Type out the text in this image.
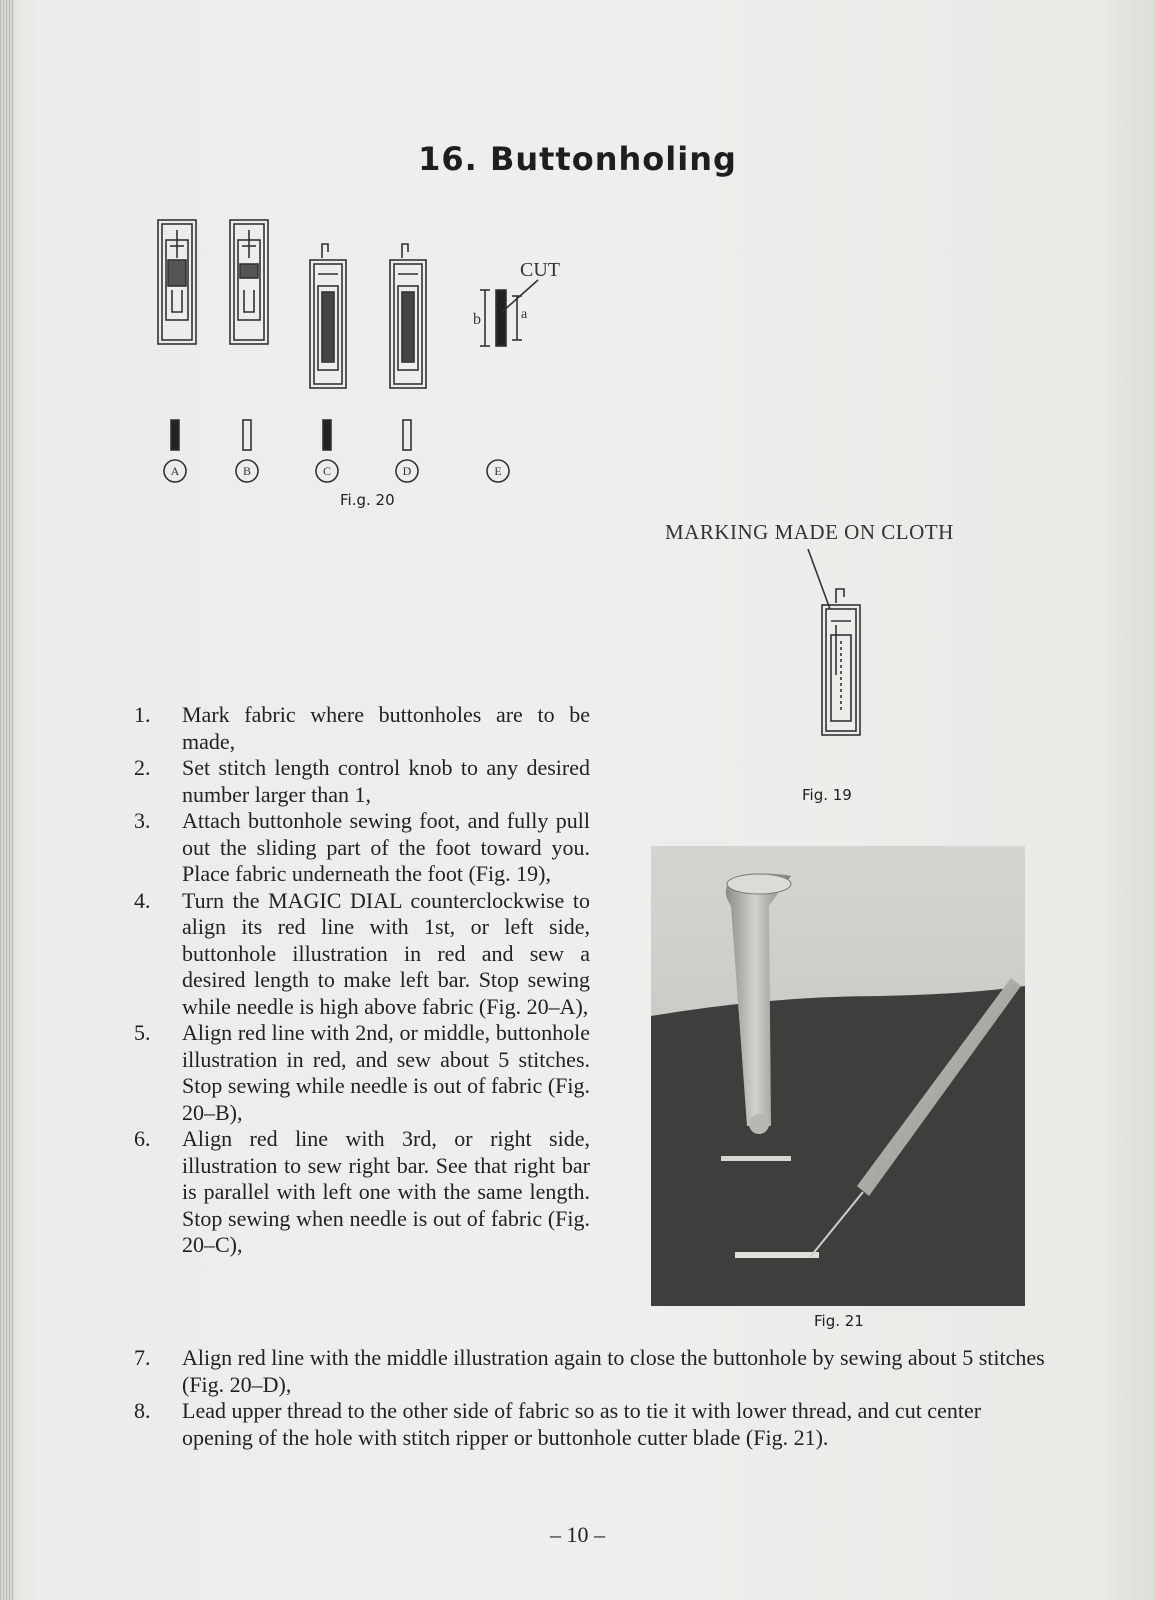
16. Buttonholing
CUT
b	a
A	B	C	D	E
Fi.g. 20
MARKING MADE ON CLOTH
Fig. 19
Fig. 21
1. Mark fabric where buttonholes are to be made,
2. Set stitch length control knob to any desired number larger than 1,
3. Attach buttonhole sewing foot, and fully pull out the sliding part of the foot toward you. Place fabric underneath the foot (Fig. 19),
4. Turn the MAGIC DIAL counterclockwise to align its red line with 1st, or left side, buttonhole illustration in red and sew a desired length to make left bar. Stop sewing while needle is high above fabric (Fig. 20–A),
5. Align red line with 2nd, or middle, buttonhole illustration in red, and sew about 5 stitches. Stop sewing while needle is out of fabric (Fig. 20–B),
6. Align red line with 3rd, or right side, illustration to sew right bar. See that right bar is parallel with left one with the same length. Stop sewing when needle is out of fabric (Fig. 20–C),
7. Align red line with the middle illustration again to close the buttonhole by sewing about 5 stitches (Fig. 20–D),
8. Lead upper thread to the other side of fabric so as to tie it with lower thread, and cut center opening of the hole with stitch ripper or buttonhole cutter blade (Fig. 21).
– 10 –
